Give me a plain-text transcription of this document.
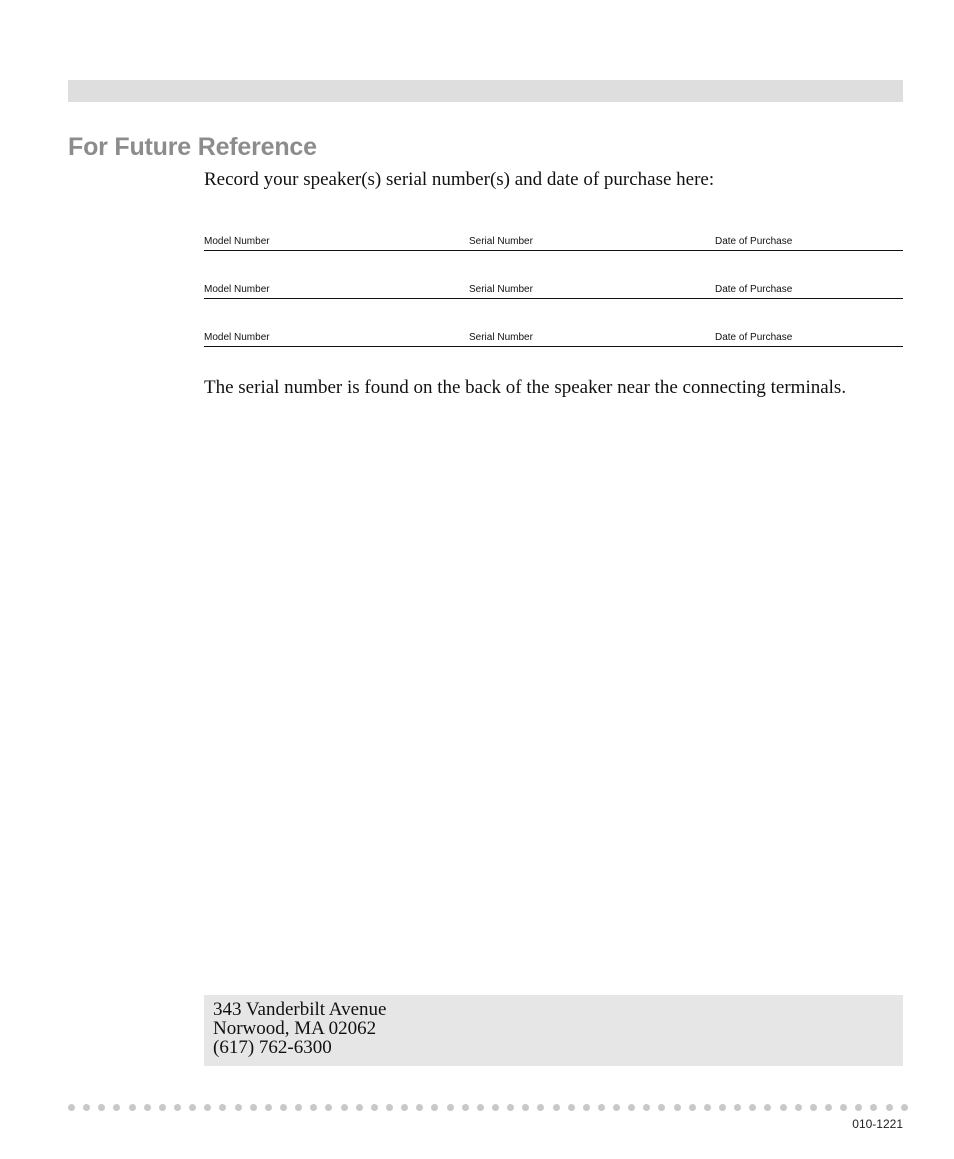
For Future Reference

Record your speaker(s) serial number(s) and date of purchase here:

Model Number	Serial Number	Date of Purchase
Model Number	Serial Number	Date of Purchase
Model Number	Serial Number	Date of Purchase

The serial number is found on the back of the speaker near the connecting terminals.

343 Vanderbilt Avenue
Norwood, MA 02062
(617) 762-6300
010-1221
